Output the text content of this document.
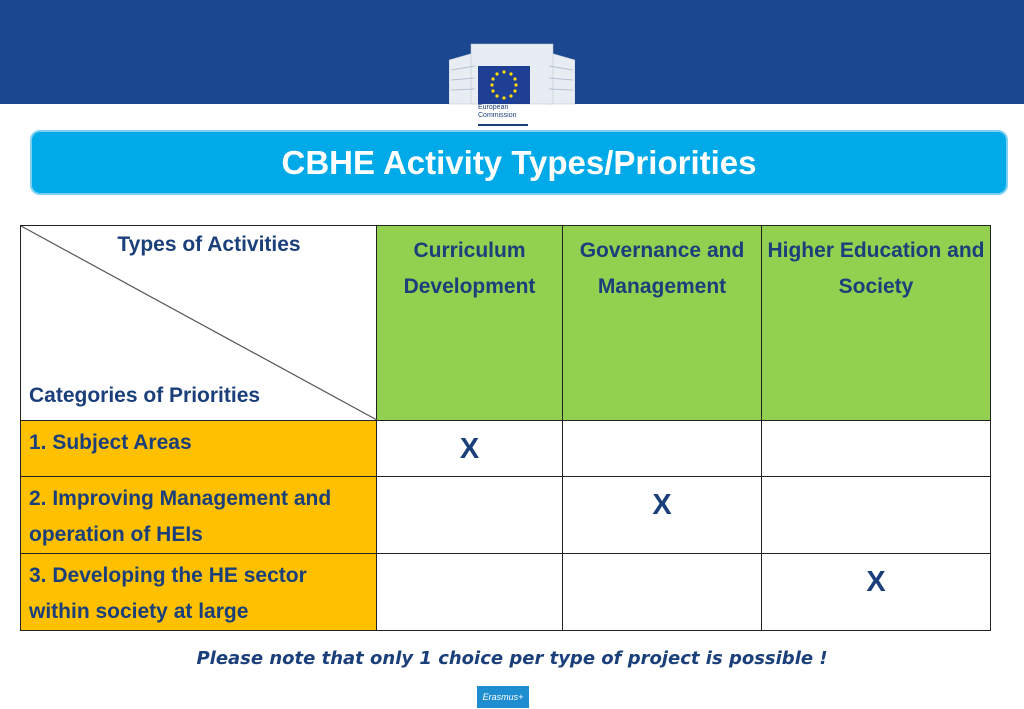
European Commission
CBHE Activity Types/Priorities
Types of Activities
Categories of Priorities	Curriculum Development	Governance and Management	Higher Education and Society

1. Subject Areas	X		

2. Improving Management and operation of HEIs		X	

3. Developing the HE sector within society at large			X
Please note that only 1 choice per type of project is possible !
Erasmus+
